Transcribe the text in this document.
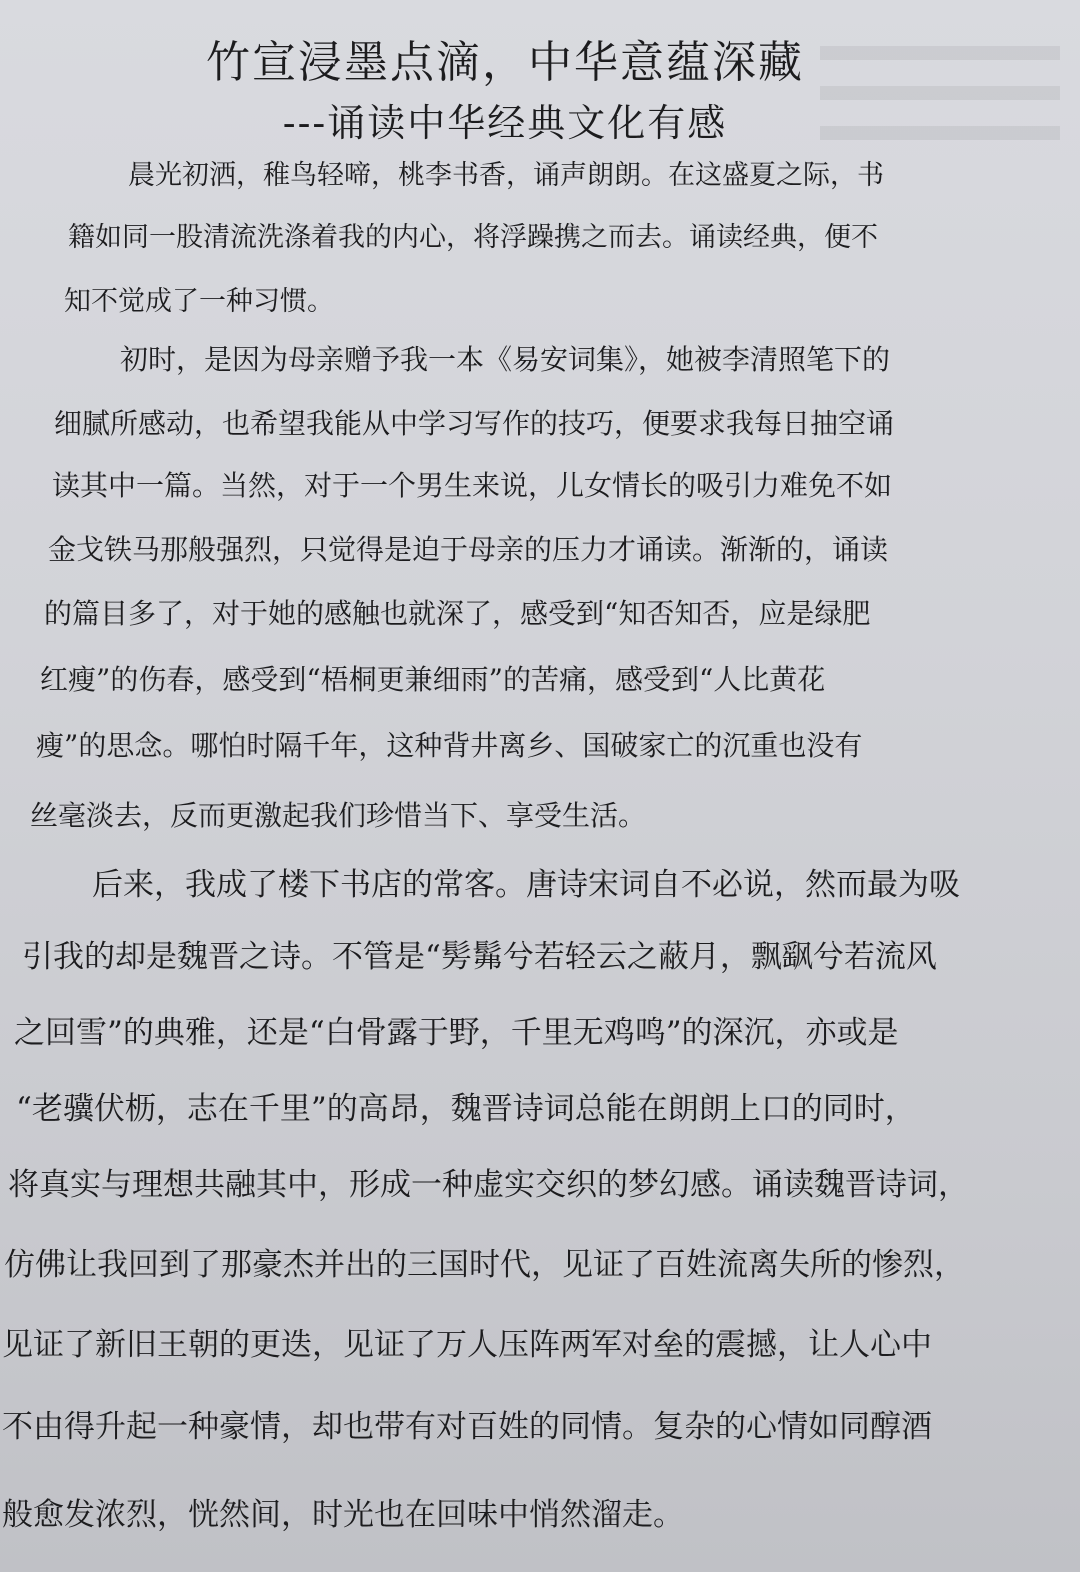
竹宣浸墨点滴，中华意蕴深藏
---诵读中华经典文化有感
晨光初洒，稚鸟轻啼，桃李书香，诵声朗朗。在这盛夏之际，书
籍如同一股清流洗涤着我的内心，将浮躁携之而去。诵读经典，便不
知不觉成了一种习惯。
初时，是因为母亲赠予我一本《易安词集》，她被李清照笔下的
细腻所感动，也希望我能从中学习写作的技巧，便要求我每日抽空诵
读其中一篇。当然，对于一个男生来说，儿女情长的吸引力难免不如
金戈铁马那般强烈，只觉得是迫于母亲的压力才诵读。渐渐的，诵读
的篇目多了，对于她的感触也就深了，感受到“知否知否，应是绿肥
红瘦”的伤春，感受到“梧桐更兼细雨”的苦痛，感受到“人比黄花
瘦”的思念。哪怕时隔千年，这种背井离乡、国破家亡的沉重也没有
丝毫淡去，反而更激起我们珍惜当下、享受生活。
后来，我成了楼下书店的常客。唐诗宋词自不必说，然而最为吸
引我的却是魏晋之诗。不管是“髣髴兮若轻云之蔽月，飘飖兮若流风
之回雪”的典雅，还是“白骨露于野，千里无鸡鸣”的深沉，亦或是
“老骥伏枥，志在千里”的高昂，魏晋诗词总能在朗朗上口的同时，
将真实与理想共融其中，形成一种虚实交织的梦幻感。诵读魏晋诗词，
仿佛让我回到了那豪杰并出的三国时代，见证了百姓流离失所的惨烈，
见证了新旧王朝的更迭，见证了万人压阵两军对垒的震撼，让人心中
不由得升起一种豪情，却也带有对百姓的同情。复杂的心情如同醇酒
般愈发浓烈，恍然间，时光也在回味中悄然溜走。
